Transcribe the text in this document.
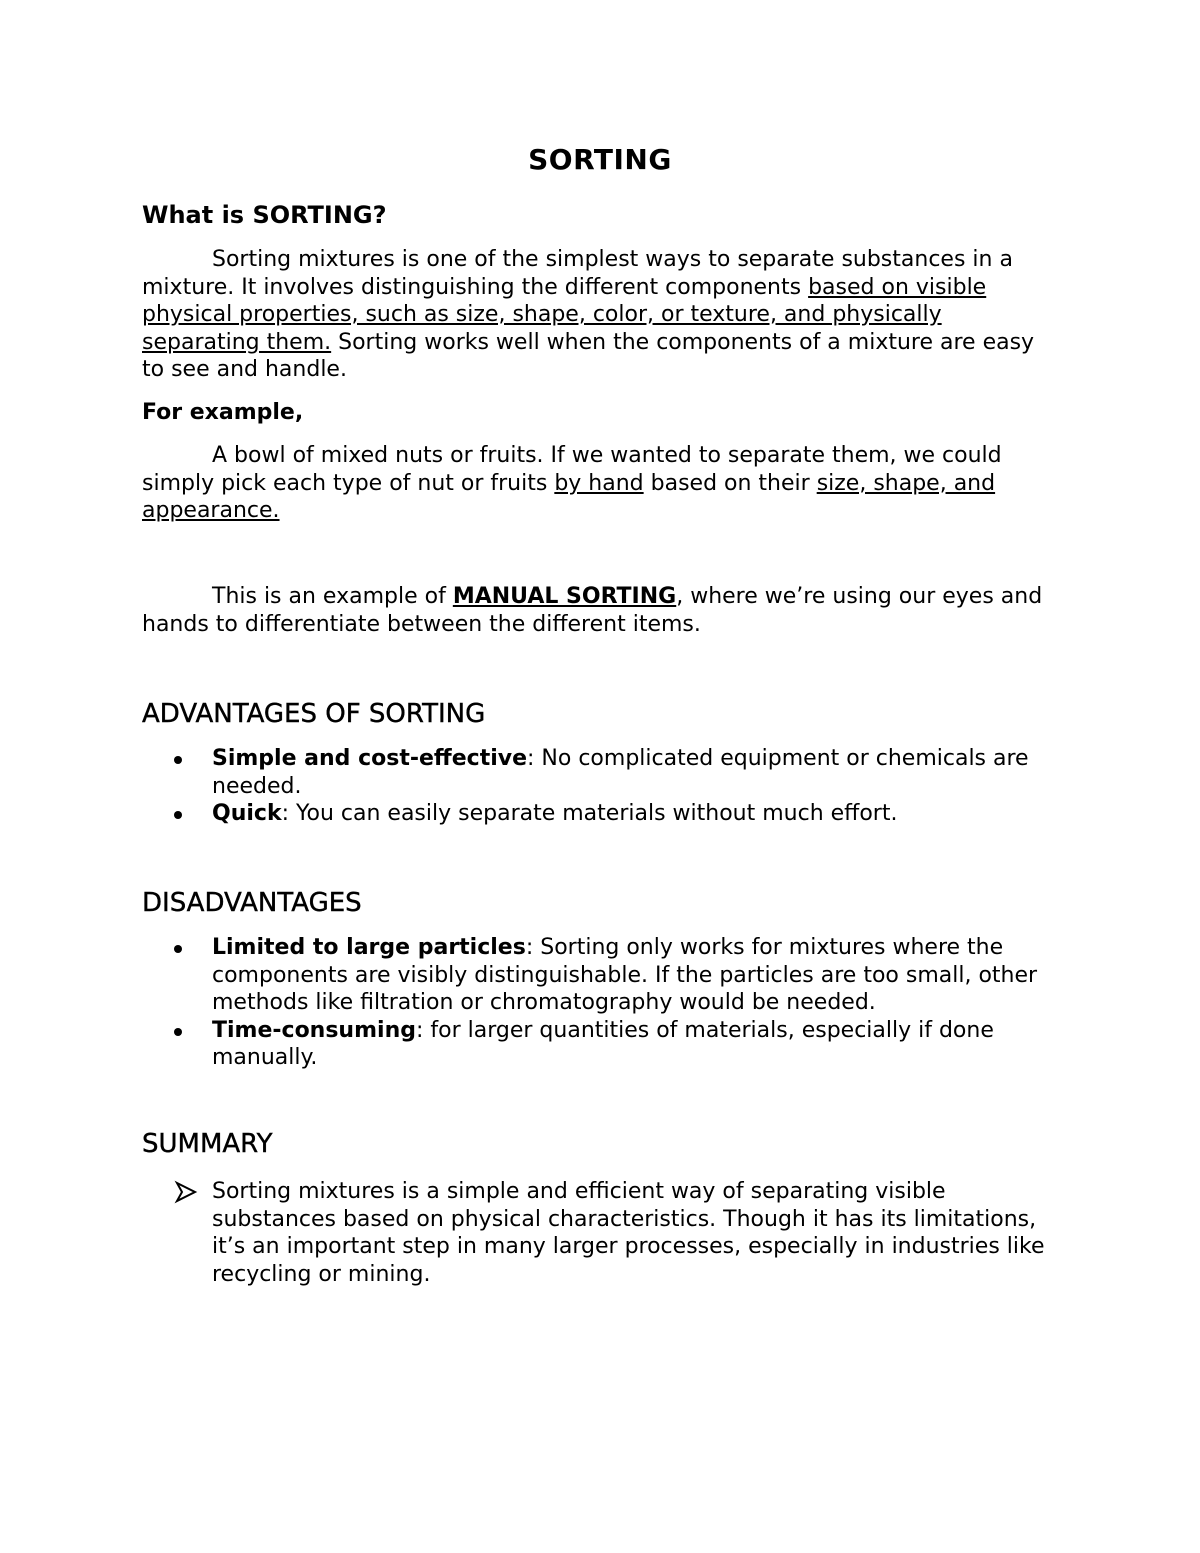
SORTING
What is SORTING?

Sorting mixtures is one of the simplest ways to separate substances in a mixture. It involves distinguishing the different components based on visible physical properties, such as size, shape, color, or texture, and physically separating them. Sorting works well when the components of a mixture are easy to see and handle.

For example,

A bowl of mixed nuts or fruits. If we wanted to separate them, we could simply pick each type of nut or fruits by hand based on their size, shape, and appearance.

This is an example of MANUAL SORTING, where we’re using our eyes and hands to differentiate between the different items.

ADVANTAGES OF SORTING
Simple and cost-effective: No complicated equipment or chemicals are needed.
Quick: You can easily separate materials without much effort.
DISADVANTAGES
Limited to large particles: Sorting only works for mixtures where the components are visibly distinguishable. If the particles are too small, other methods like filtration or chromatography would be needed.
Time-consuming: for larger quantities of materials, especially if done manually.
SUMMARY
Sorting mixtures is a simple and efficient way of separating visible substances based on physical characteristics. Though it has its limitations, it’s an important step in many larger processes, especially in industries like recycling or mining.
